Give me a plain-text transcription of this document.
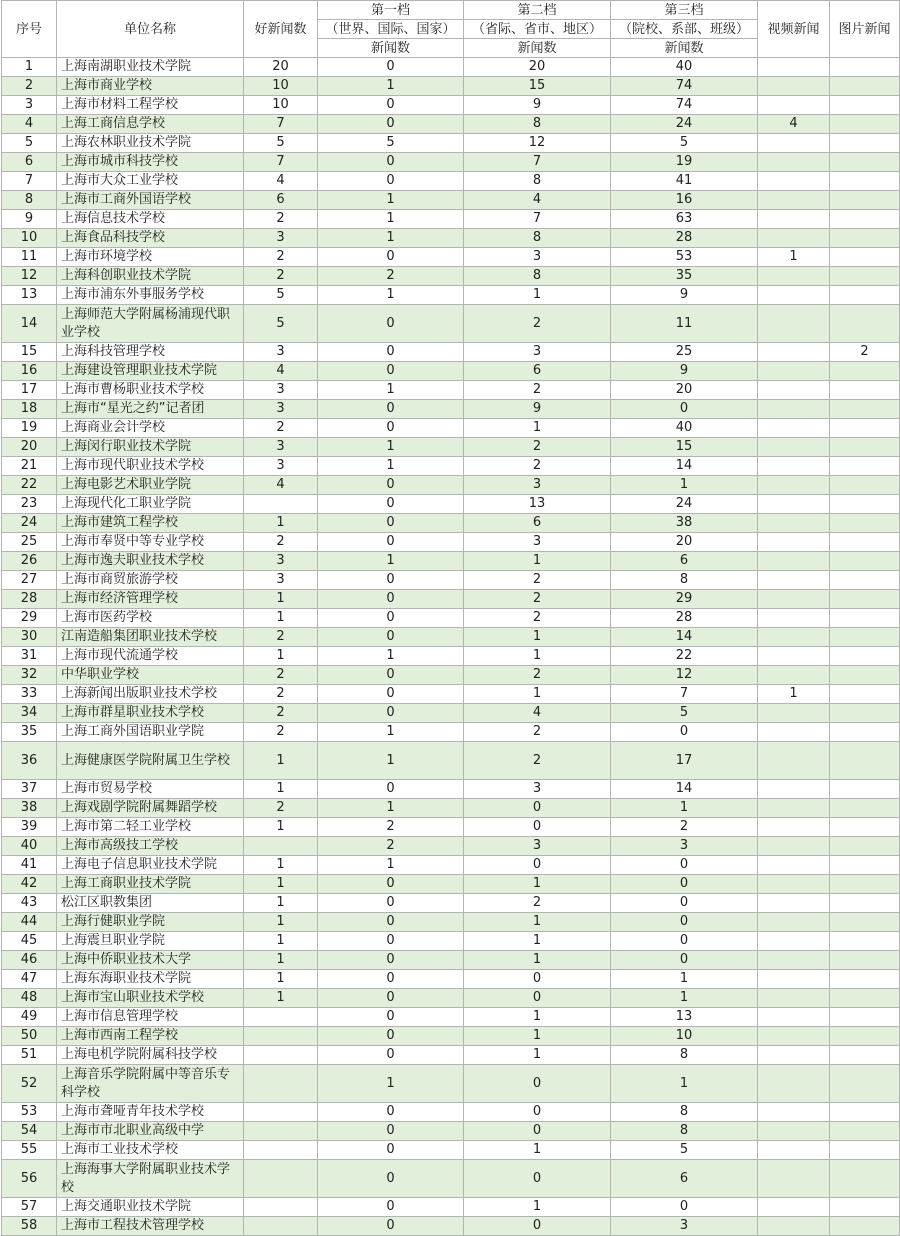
序号	单位名称	好新闻数	第一档	第二档	第三档	视频新闻	图片新闻
			（世界、国际、国家）	（省际、省市、地区）	（院校、系部、班级）		
			新闻数	新闻数	新闻数		
1	上海南湖职业技术学院	20	0	20	40		
2	上海市商业学校	10	1	15	74		
3	上海市材料工程学校	10	0	9	74		
4	上海工商信息学校	7	0	8	24	4	
5	上海农林职业技术学院	5	5	12	5		
6	上海市城市科技学校	7	0	7	19		
7	上海市大众工业学校	4	0	8	41		
8	上海市工商外国语学校	6	1	4	16		
9	上海信息技术学校	2	1	7	63		
10	上海食品科技学校	3	1	8	28		
11	上海市环境学校	2	0	3	53	1	
12	上海科创职业技术学院	2	2	8	35		
13	上海市浦东外事服务学校	5	1	1	9		
14	上海师范大学附属杨浦现代职业学校	5	0	2	11		
15	上海科技管理学校	3	0	3	25		2
16	上海建设管理职业技术学院	4	0	6	9		
17	上海市曹杨职业技术学校	3	1	2	20		
18	上海市“星光之约”记者团	3	0	9	0		
19	上海商业会计学校	2	0	1	40		
20	上海闵行职业技术学院	3	1	2	15		
21	上海市现代职业技术学校	3	1	2	14		
22	上海电影艺术职业学院	4	0	3	1		
23	上海现代化工职业学院		0	13	24		
24	上海市建筑工程学校	1	0	6	38		
25	上海市奉贤中等专业学校	2	0	3	20		
26	上海市逸夫职业技术学校	3	1	1	6		
27	上海市商贸旅游学校	3	0	2	8		
28	上海市经济管理学校	1	0	2	29		
29	上海市医药学校	1	0	2	28		
30	江南造船集团职业技术学校	2	0	1	14		
31	上海市现代流通学校	1	1	1	22		
32	中华职业学校	2	0	2	12		
33	上海新闻出版职业技术学校	2	0	1	7	1	
34	上海市群星职业技术学校	2	0	4	5		
35	上海工商外国语职业学院	2	1	2	0		
36	上海健康医学院附属卫生学校	1	1	2	17		
37	上海市贸易学校	1	0	3	14		
38	上海戏剧学院附属舞蹈学校	2	1	0	1		
39	上海市第二轻工业学校	1	2	0	2		
40	上海市高级技工学校		2	3	3		
41	上海电子信息职业技术学院	1	1	0	0		
42	上海工商职业技术学院	1	0	1	0		
43	松江区职教集团	1	0	2	0		
44	上海行健职业学院	1	0	1	0		
45	上海震旦职业学院	1	0	1	0		
46	上海中侨职业技术大学	1	0	1	0		
47	上海东海职业技术学院	1	0	0	1		
48	上海市宝山职业技术学校	1	0	0	1		
49	上海市信息管理学校		0	1	13		
50	上海市西南工程学校		0	1	10		
51	上海电机学院附属科技学校		0	1	8		
52	上海音乐学院附属中等音乐专科学校		1	0	1		
53	上海市聋哑青年技术学校		0	0	8		
54	上海市市北职业高级中学		0	0	8		
55	上海市工业技术学校		0	1	5		
56	上海海事大学附属职业技术学校		0	0	6		
57	上海交通职业技术学院		0	1	0		
58	上海市工程技术管理学校		0	0	3		
